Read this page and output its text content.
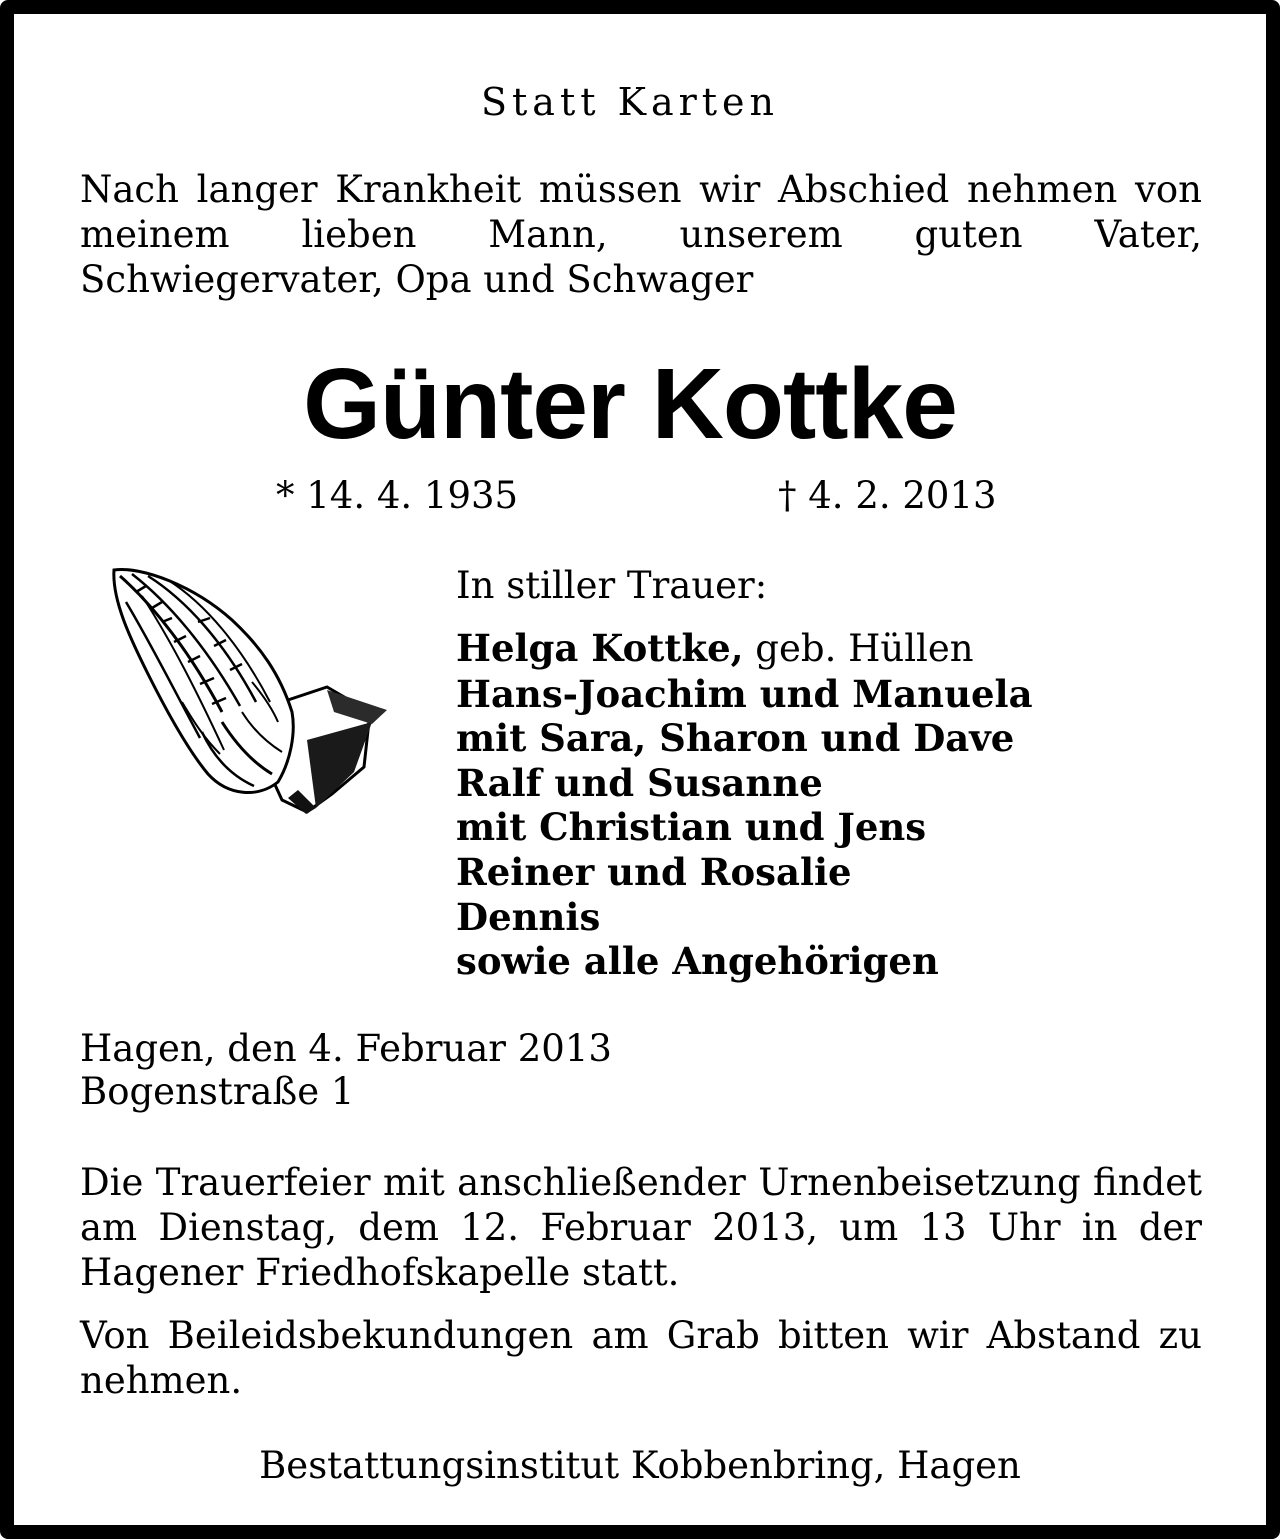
Statt Karten

Nach langer Krankheit müssen wir Abschied nehmen von meinem lieben Mann, unserem guten Vater, Schwiegervater, Opa und Schwager

Günter Kottke
* 14. 4. 1935	† 4. 2. 2013

In stiller Trauer:

Helga Kottke, geb. Hüllen
Hans-Joachim und Manuela
mit Sara, Sharon und Dave
Ralf und Susanne
mit Christian und Jens
Reiner und Rosalie
Dennis
sowie alle Angehörigen
Hagen, den 4. Februar 2013
Bogenstraße 1

Die Trauerfeier mit anschließender Urnenbeisetzung findet am Dienstag, dem 12. Februar 2013, um 13 Uhr in der Hagener Friedhofskapelle statt.

Von Beileidsbekundungen am Grab bitten wir Abstand zu nehmen.

Bestattungsinstitut Kobbenbring, Hagen
